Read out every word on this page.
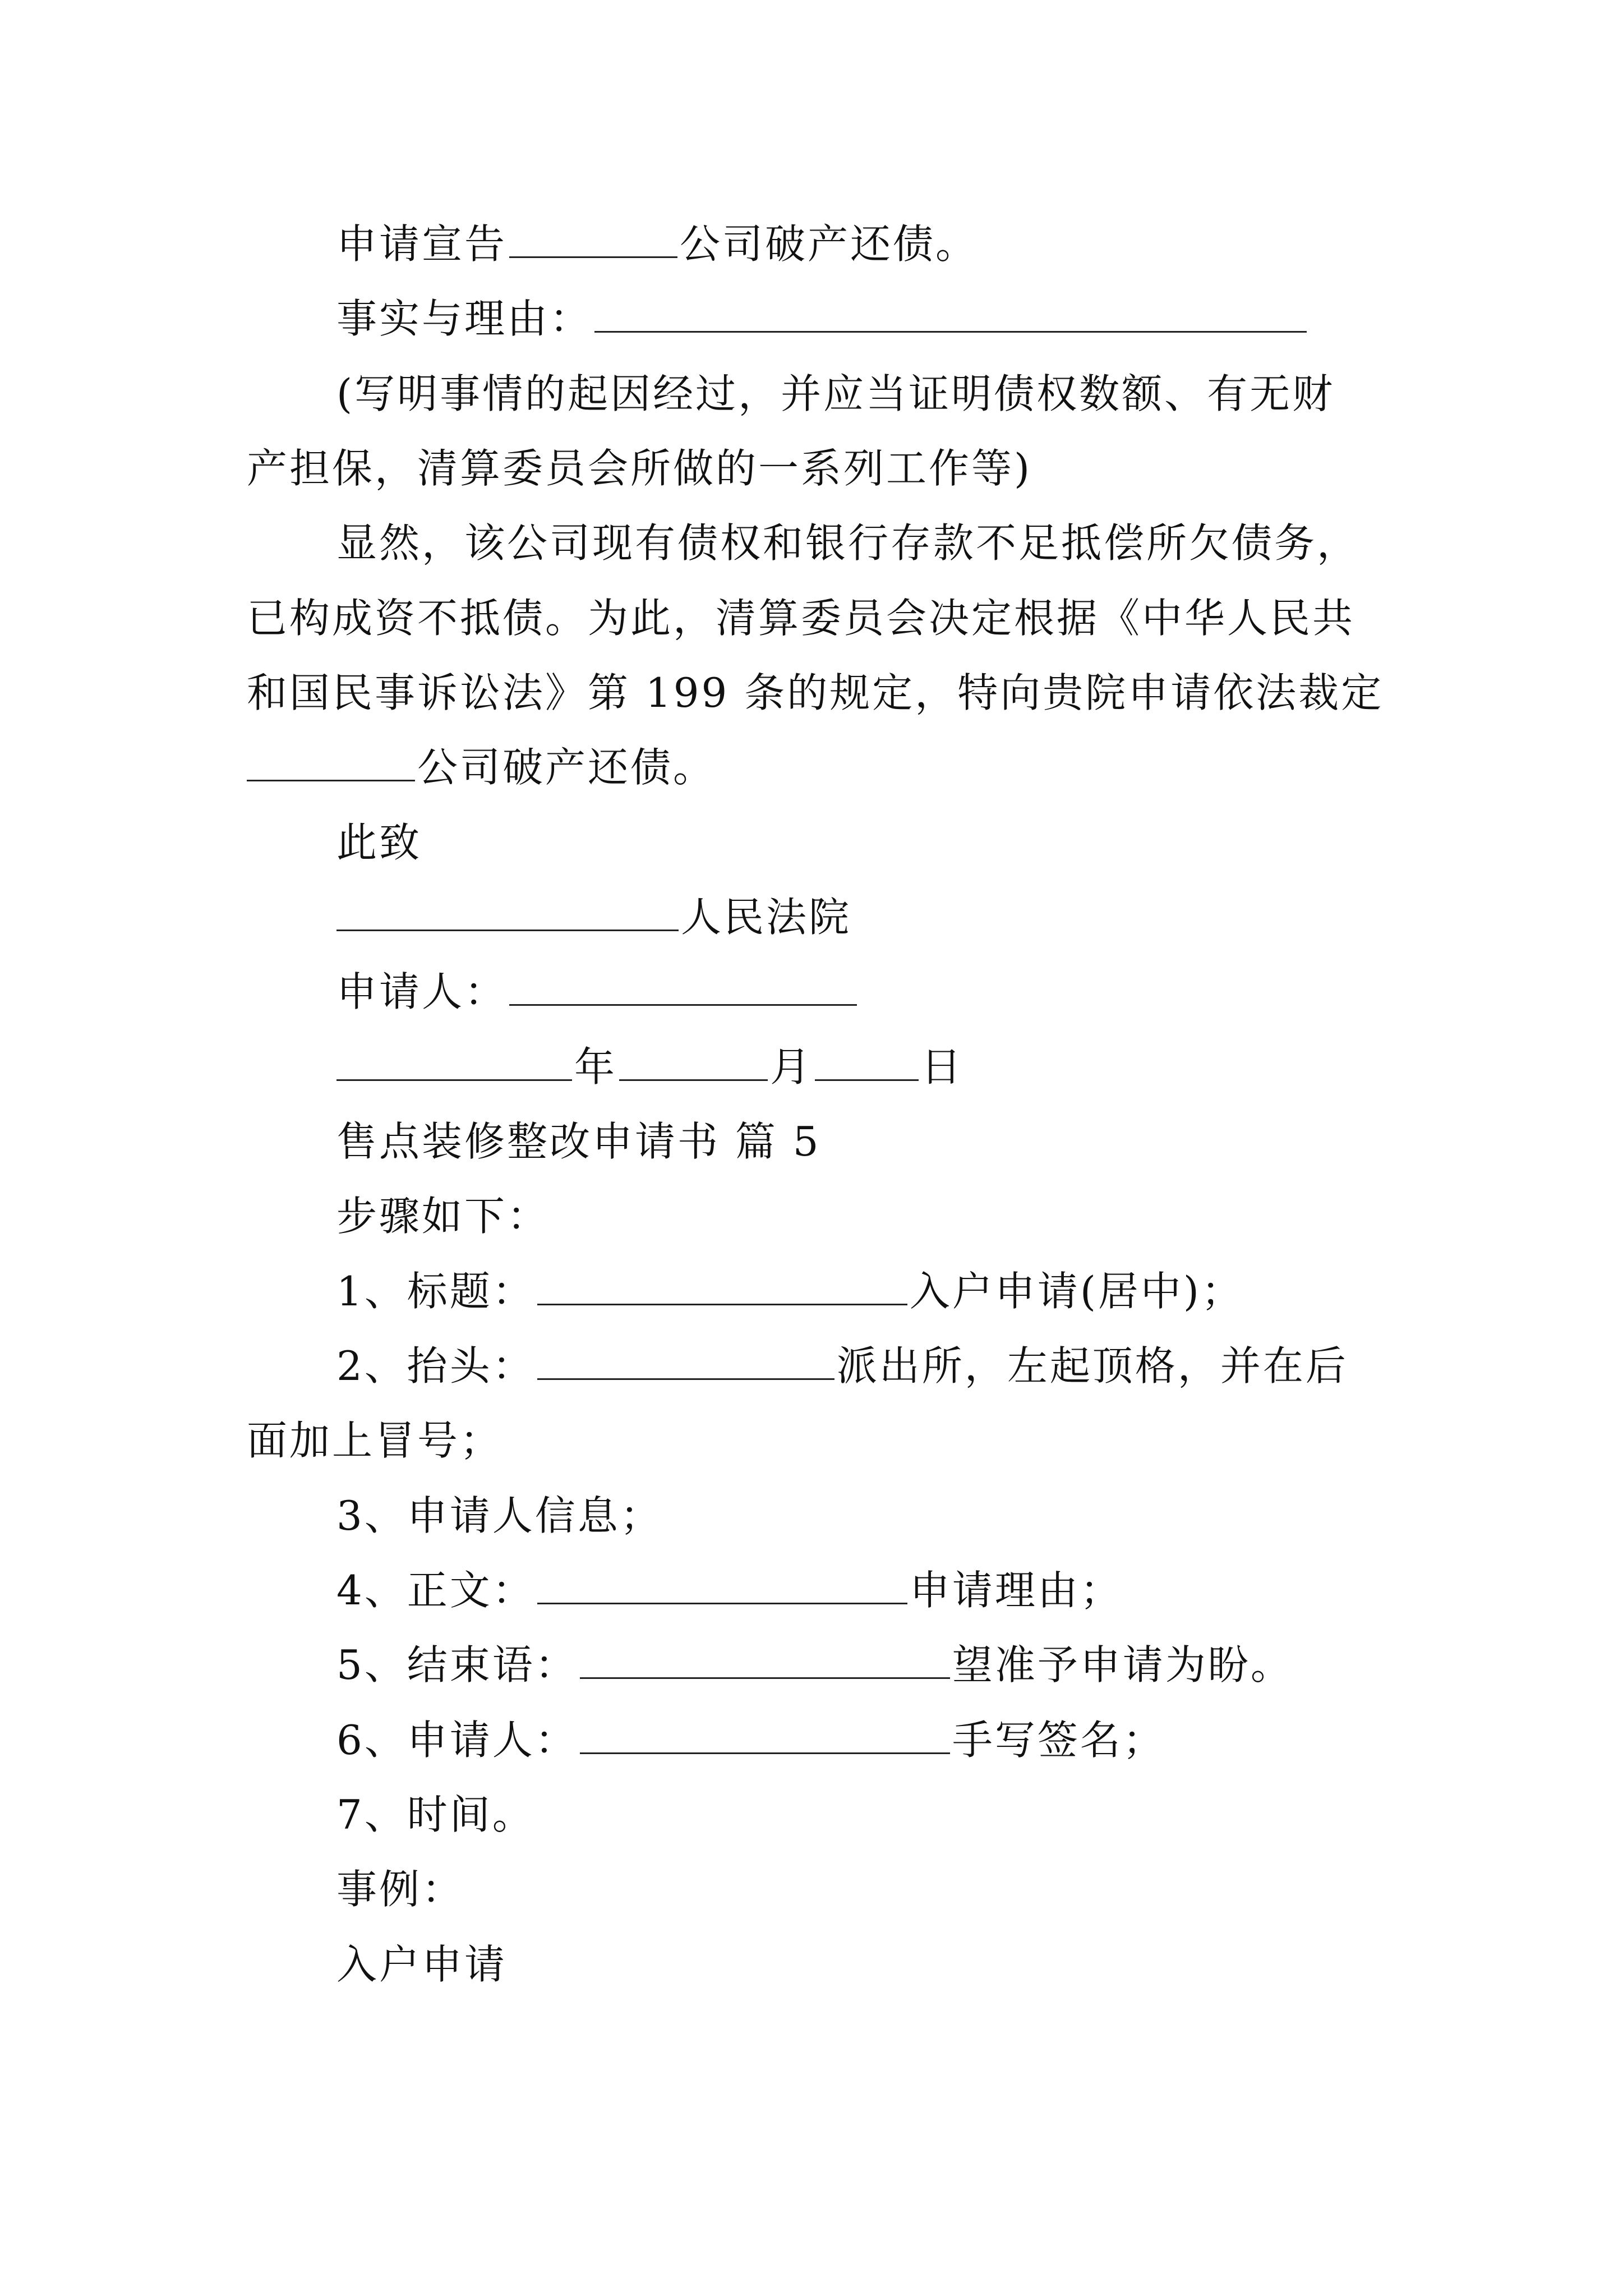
申请宣告	公司破产还债。
事实与理由：
(写明事情的起因经过，并应当证明债权数额、有无财
产担保，清算委员会所做的一系列工作等)
显然，该公司现有债权和银行存款不足抵偿所欠债务，
已构成资不抵债。为此，清算委员会决定根据《中华人民共
和国民事诉讼法》第 199 条的规定，特向贵院申请依法裁定
公司破产还债。
此致
人民法院
申请人：
年	月	日
售点装修整改申请书 篇 5
步骤如下：
1、标题：	入户申请(居中)；
2、抬头：	派出所，左起顶格，并在后
面加上冒号；
3、申请人信息；
4、正文：	申请理由；
5、结束语：	望准予申请为盼。
6、申请人：	手写签名；
7、时间。
事例：
入户申请
